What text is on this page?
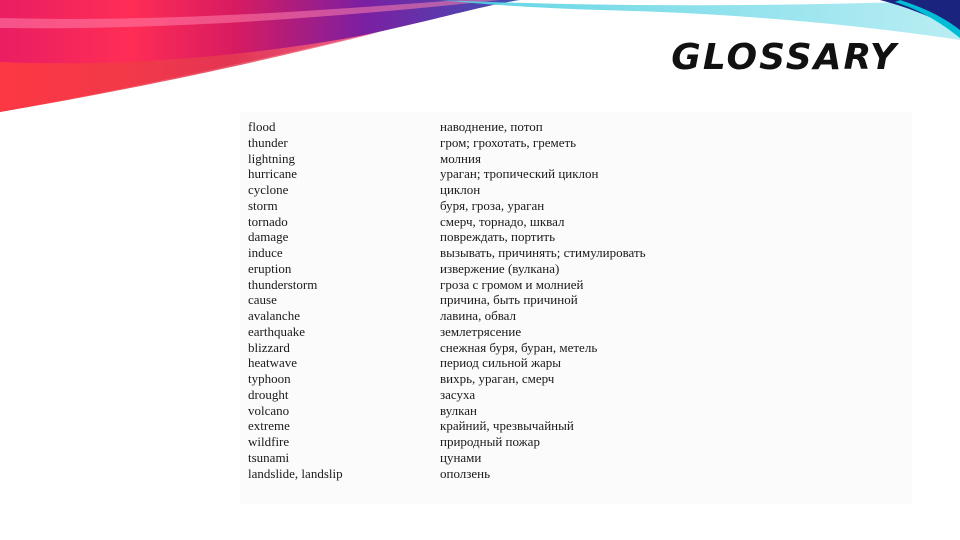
GLOSSARY
flood	наводнение, потоп
thunder	гром; грохотать, греметь
lightning	молния
hurricane	ураган; тропический циклон
cyclone	циклон
storm	буря, гроза, ураган
tornado	смерч, торнадо, шквал
damage	повреждать, портить
induce	вызывать, причинять; стимулировать
eruption	извержение (вулкана)
thunderstorm	гроза с громом и молнией
cause	причина, быть причиной
avalanche	лавина, обвал
earthquake	землетрясение
blizzard	снежная буря, буран, метель
heatwave	период сильной жары
typhoon	вихрь, ураган, смерч
drought	засуха
volcano	вулкан
extreme	крайний, чрезвычайный
wildfire	природный пожар
tsunami	цунами
landslide, landslip	оползень
